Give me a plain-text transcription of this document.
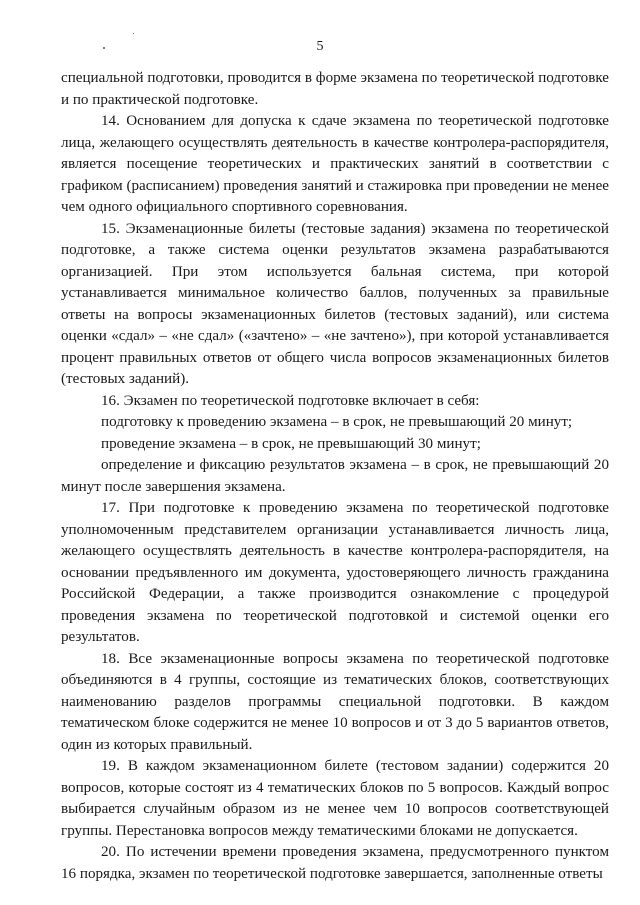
5

специальной подготовки, проводится в форме экзамена по теоретической подготовке и по практической подготовке.

14. Основанием для допуска к сдаче экзамена по теоретической подготовке лица, желающего осуществлять деятельность в качестве контролера-распорядителя, является посещение теоретических и практических занятий в соответствии с графиком (расписанием) проведения занятий и стажировка при проведении не менее чем одного официального спортивного соревнования.

15. Экзаменационные билеты (тестовые задания) экзамена по теоретической подготовке, а также система оценки результатов экзамена разрабатываются организацией. При этом используется бальная система, при которой устанавливается минимальное количество баллов, полученных за правильные ответы на вопросы экзаменационных билетов (тестовых заданий), или система оценки «сдал» – «не сдал» («зачтено» – «не зачтено»), при которой устанавливается процент правильных ответов от общего числа вопросов экзаменационных билетов (тестовых заданий).

16. Экзамен по теоретической подготовке включает в себя:

подготовку к проведению экзамена – в срок, не превышающий 20 минут;

проведение экзамена – в срок, не превышающий 30 минут;

определение и фиксацию результатов экзамена – в срок, не превышающий 20 минут после завершения экзамена.

17. При подготовке к проведению экзамена по теоретической подготовке уполномоченным представителем организации устанавливается личность лица, желающего осуществлять деятельность в качестве контролера-распорядителя, на основании предъявленного им документа, удостоверяющего личность гражданина Российской Федерации, а также производится ознакомление с процедурой проведения экзамена по теоретической подготовкой и системой оценки его результатов.

18. Все экзаменационные вопросы экзамена по теоретической подготовке объединяются в 4 группы, состоящие из тематических блоков, соответствующих наименованию разделов программы специальной подготовки. В каждом тематическом блоке содержится не менее 10 вопросов и от 3 до 5 вариантов ответов, один из которых правильный.

19. В каждом экзаменационном билете (тестовом задании) содержится 20 вопросов, которые состоят из 4 тематических блоков по 5 вопросов. Каждый вопрос выбирается случайным образом из не менее чем 10 вопросов соответствующей группы. Перестановка вопросов между тематическими блоками не допускается.

20. По истечении времени проведения экзамена, предусмотренного пунктом 16 порядка, экзамен по теоретической подготовке завершается, заполненные ответы
